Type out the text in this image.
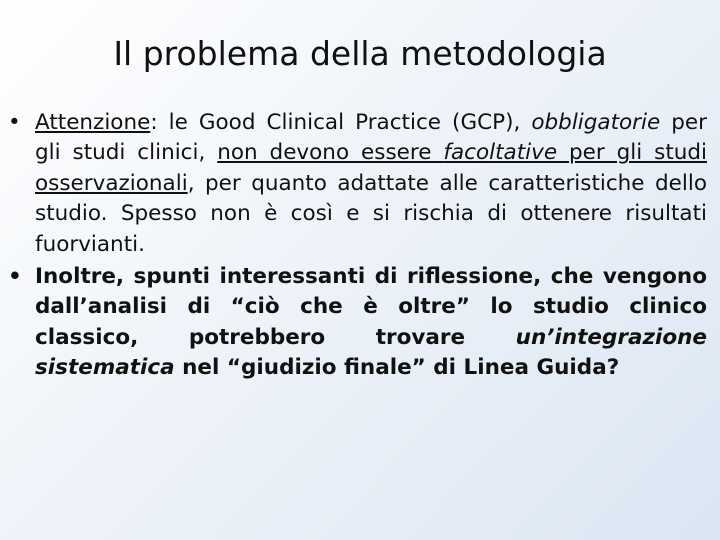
Il problema della metodologia
• Attenzione: le Good Clinical Practice (GCP), obbligatorie per gli studi clinici, non devono essere facoltative per gli studi osservazionali, per quanto adattate alle caratteristiche dello studio. Spesso non è così e si rischia di ottenere risultati fuorvianti.
• Inoltre, spunti interessanti di riflessione, che vengono dall’analisi di “ciò che è oltre” lo studio clinico classico, potrebbero trovare un’integrazione sistematica nel “giudizio finale” di Linea Guida?
